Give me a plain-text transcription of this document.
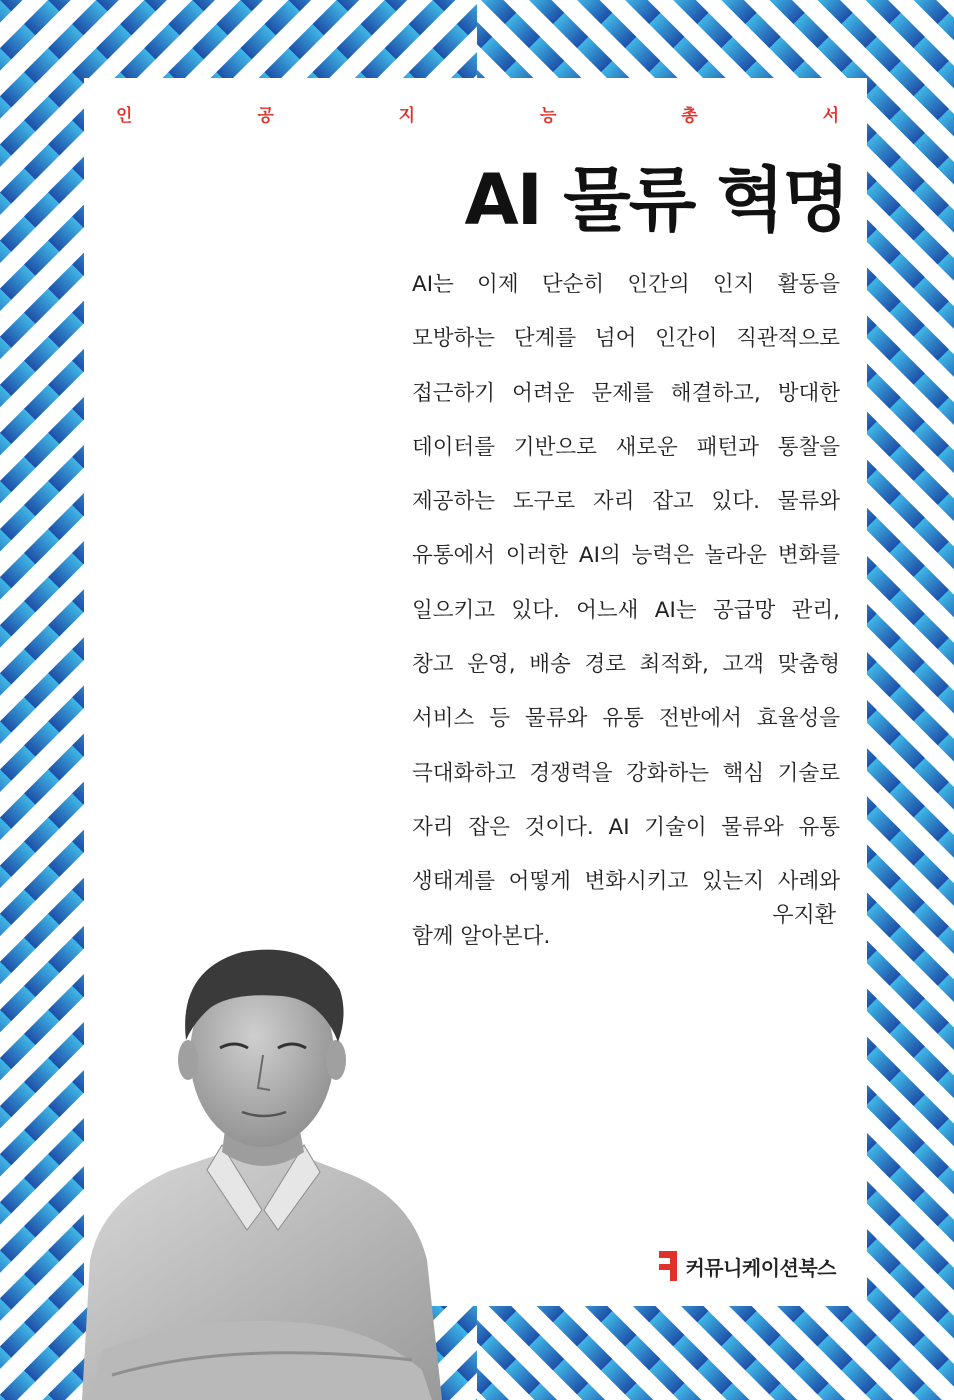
인	공	지	능	총	서
AI 물류 혁명

AI는 이제 단순히 인간의 인지 활동을 모방하는 단계를 넘어 인간이 직관적으로 접근하기 어려운 문제를 해결하고, 방대한 데이터를 기반으로 새로운 패턴과 통찰을 제공하는 도구로 자리 잡고 있다. 물류와 유통에서 이러한 AI의 능력은 놀라운 변화를 일으키고 있다. 어느새 AI는 공급망 관리, 창고 운영, 배송 경로 최적화, 고객 맞춤형 서비스 등 물류와 유통 전반에서 효율성을 극대화하고 경쟁력을 강화하는 핵심 기술로 자리 잡은 것이다. AI 기술이 물류와 유통 생태계를 어떻게 변화시키고 있는지 사례와 함께 알아본다.

우지환
커뮤니케이션북스
